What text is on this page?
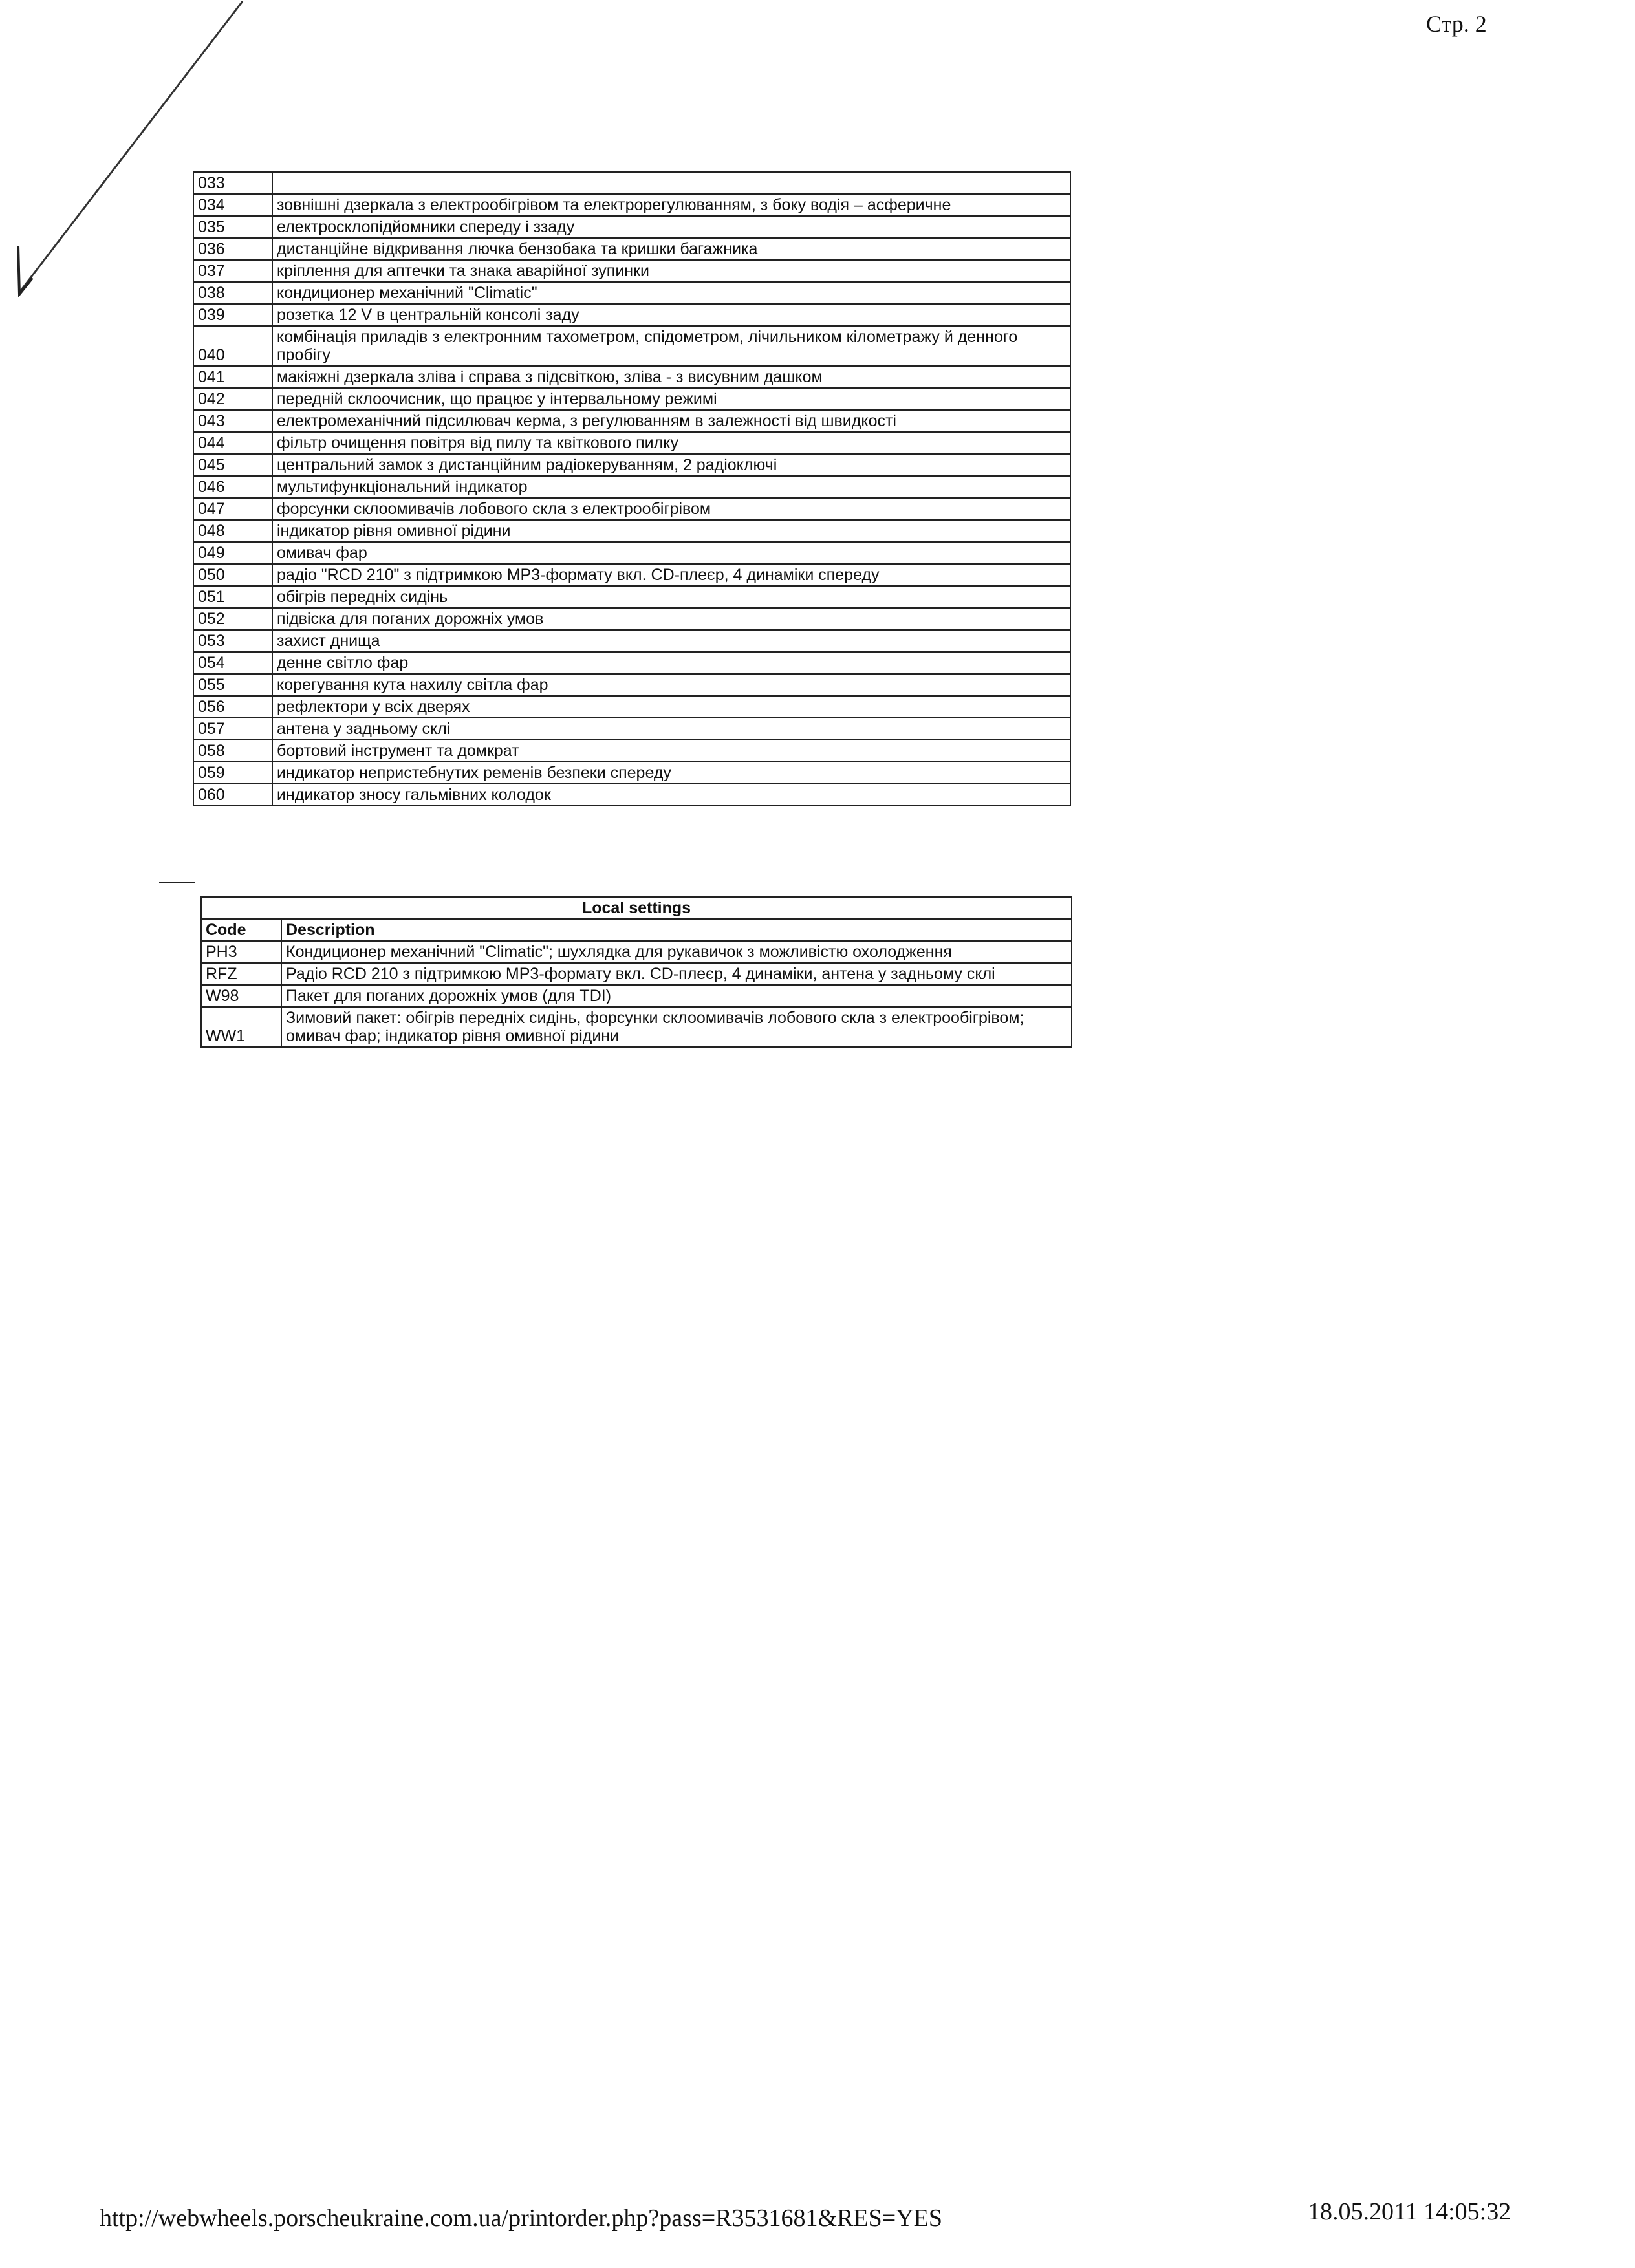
Стр. 2
033	
034	зовнішні дзеркала з електрообігрівом та електрорегулюванням, з боку водія – асферичне
035	електросклопідйомники спереду і ззаду
036	дистанційне відкривання лючка бензобака та кришки багажника
037	кріплення для аптечки та знака аварійної зупинки
038	кондиционер механічний "Climatic"
039	розетка 12 V в центральній консолі заду
040	комбінація приладів з електронним тахометром, спідометром, лічильником кілометражу й денного пробігу
041	макіяжні дзеркала зліва і справа з підсвіткою, зліва - з висувним дашком
042	передній склоочисник, що працює у інтервальному режимі
043	електромеханічний підсилювач керма, з регулюванням в залежності від швидкості
044	фільтр очищення повітря від пилу та квіткового пилку
045	центральний замок з дистанційним радіокеруванням, 2 радіоключі
046	мультифункціональний індикатор
047	форсунки склоомивачів лобового скла з електрообігрівом
048	індикатор рівня омивної рідини
049	омивач фар
050	радіо "RCD 210" з підтримкою MP3-формату вкл. CD-плеєр, 4 динаміки спереду
051	обігрів передніх сидінь
052	підвіска для поганих дорожніх умов
053	захист днища
054	денне світло фар
055	корегування кута нахилу світла фар
056	рефлектори у всіх дверях
057	антена у задньому склі
058	бортовий інструмент та домкрат
059	индикатор непристебнутих ременів безпеки спереду
060	индикатор зносу гальмівних колодок
Local settings	
Code	Description
PH3	Кондиционер механічний "Climatic"; шухлядка для рукавичок з можливістю охолодження
RFZ	Радіо RCD 210 з підтримкою MP3-формату вкл. CD-плеєр, 4 динаміки, антена у задньому склі
W98	Пакет для поганих дорожніх умов (для TDI)
WW1	Зимовий пакет: обігрів передніх сидінь, форсунки склоомивачів лобового скла з електрообігрівом; омивач фар; індикатор рівня омивної рідини
http://webwheels.porscheukraine.com.ua/printorder.php?pass=R3531681&RES=YES	18.05.2011 14:05:32
